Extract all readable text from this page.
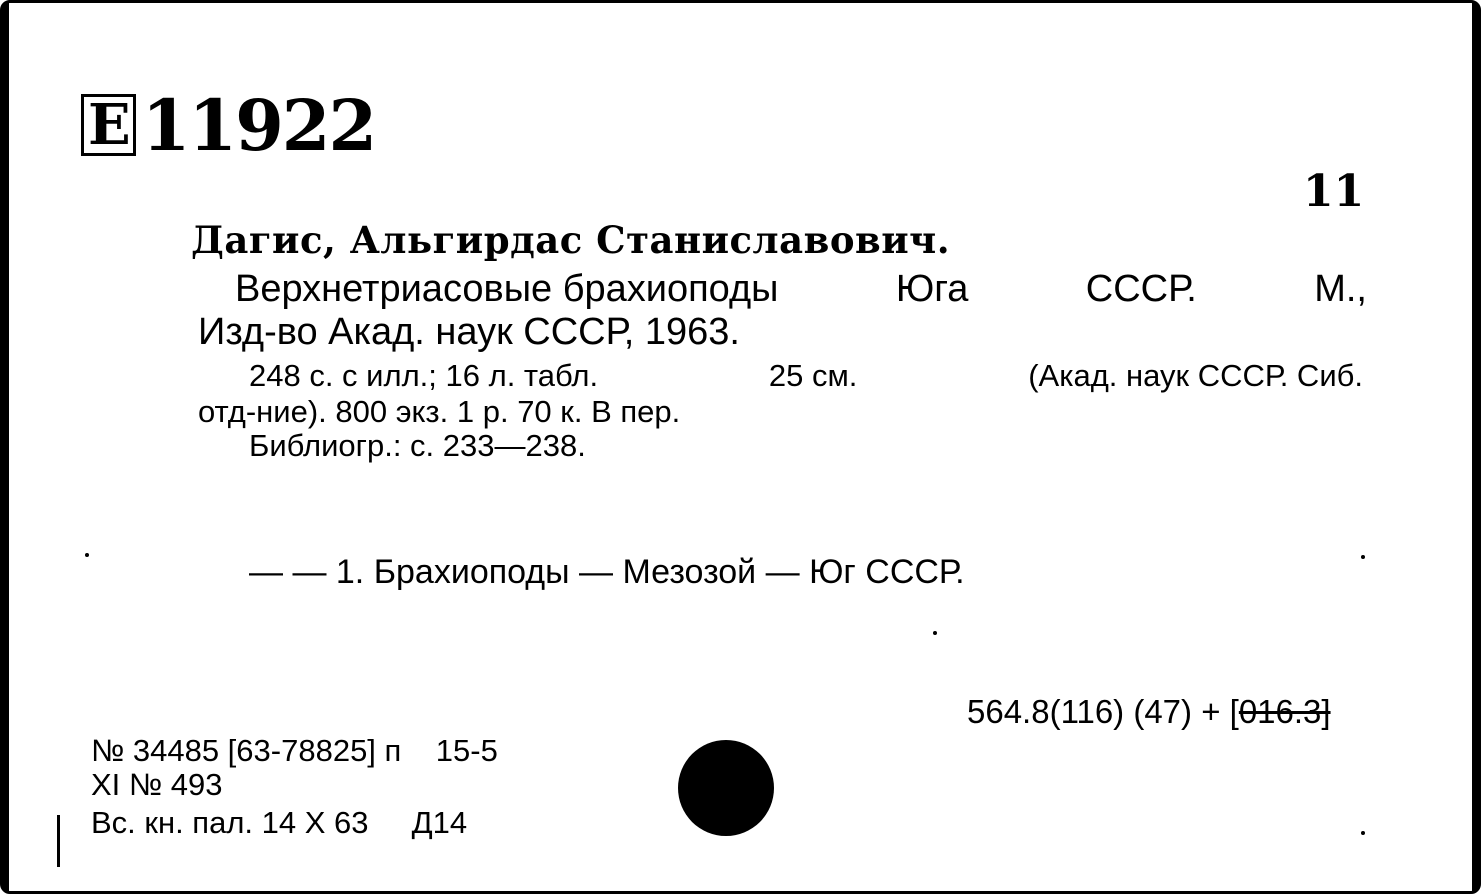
E 11922
11
Дагис, Альгирдас Станиславович.
Верхнетриасовые брахиоподы	Юга	СССР.	М.,
Изд-во Акад. наук СССР, 1963.
248 с. с илл.; 16 л. табл.	25 см.	(Акад. наук СССР. Сиб.
отд-ние). 800 экз. 1 р. 70 к. В пер.
Библиогр.: с. 233—238.
— — 1. Брахиоподы — Мезозой — Юг СССР.
564.8(116) (47) + [016.3]
№ 34485 [63-78825] п    15-5
XI № 493
Вс. кн. пал. 14 X 63     Д14
